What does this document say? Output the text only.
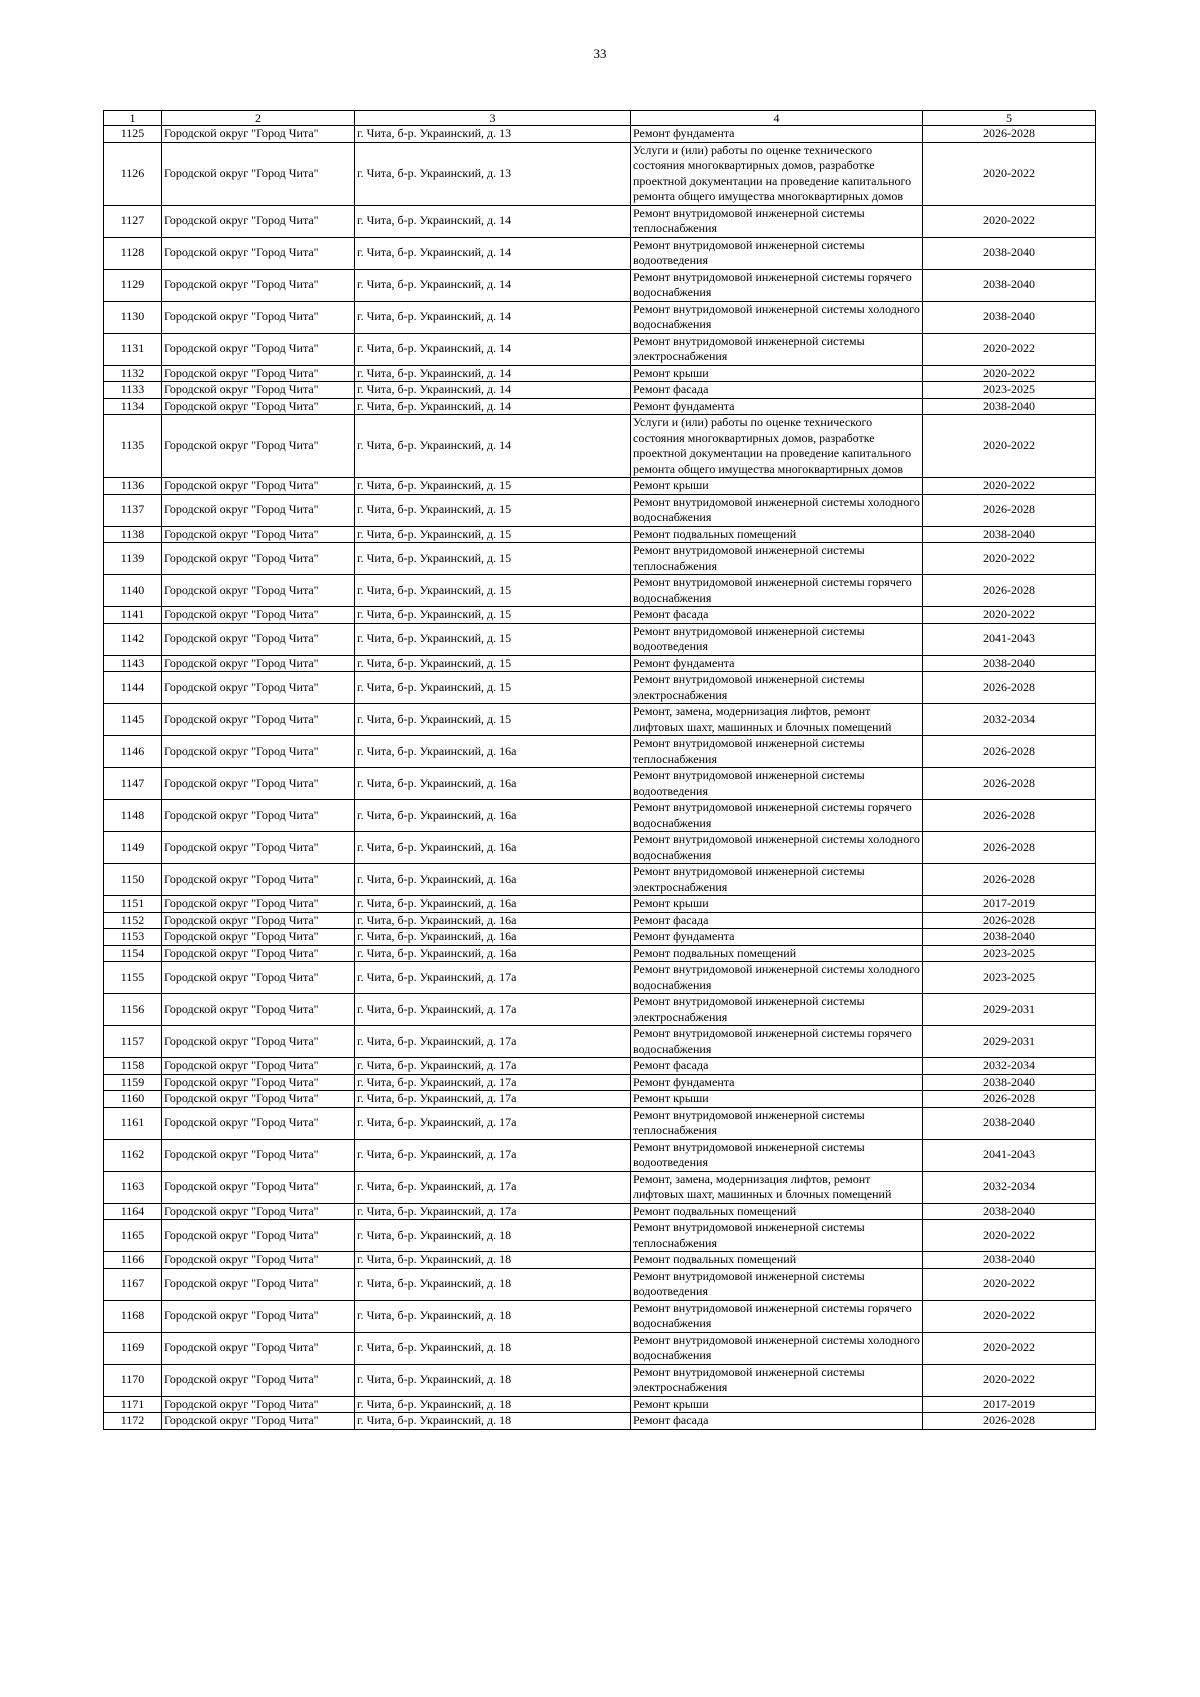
33
1	2	3	4	5
1125	Городской округ "Город Чита"	г. Чита, б-р. Украинский, д. 13	Ремонт фундамента	2026-2028
1126	Городской округ "Город Чита"	г. Чита, б-р. Украинский, д. 13	Услуги и (или) работы по оценке технического состояния многоквартирных домов, разработке проектной документации на проведение капитального ремонта общего имущества многоквартирных домов	2020-2022
1127	Городской округ "Город Чита"	г. Чита, б-р. Украинский, д. 14	Ремонт внутридомовой инженерной системы теплоснабжения	2020-2022
1128	Городской округ "Город Чита"	г. Чита, б-р. Украинский, д. 14	Ремонт внутридомовой инженерной системы водоотведения	2038-2040
1129	Городской округ "Город Чита"	г. Чита, б-р. Украинский, д. 14	Ремонт внутридомовой инженерной системы горячего водоснабжения	2038-2040
1130	Городской округ "Город Чита"	г. Чита, б-р. Украинский, д. 14	Ремонт внутридомовой инженерной системы холодного водоснабжения	2038-2040
1131	Городской округ "Город Чита"	г. Чита, б-р. Украинский, д. 14	Ремонт внутридомовой инженерной системы электроснабжения	2020-2022
1132	Городской округ "Город Чита"	г. Чита, б-р. Украинский, д. 14	Ремонт крыши	2020-2022
1133	Городской округ "Город Чита"	г. Чита, б-р. Украинский, д. 14	Ремонт фасада	2023-2025
1134	Городской округ "Город Чита"	г. Чита, б-р. Украинский, д. 14	Ремонт фундамента	2038-2040
1135	Городской округ "Город Чита"	г. Чита, б-р. Украинский, д. 14	Услуги и (или) работы по оценке технического состояния многоквартирных домов, разработке проектной документации на проведение капитального ремонта общего имущества многоквартирных домов	2020-2022
1136	Городской округ "Город Чита"	г. Чита, б-р. Украинский, д. 15	Ремонт крыши	2020-2022
1137	Городской округ "Город Чита"	г. Чита, б-р. Украинский, д. 15	Ремонт внутридомовой инженерной системы холодного водоснабжения	2026-2028
1138	Городской округ "Город Чита"	г. Чита, б-р. Украинский, д. 15	Ремонт подвальных помещений	2038-2040
1139	Городской округ "Город Чита"	г. Чита, б-р. Украинский, д. 15	Ремонт внутридомовой инженерной системы теплоснабжения	2020-2022
1140	Городской округ "Город Чита"	г. Чита, б-р. Украинский, д. 15	Ремонт внутридомовой инженерной системы горячего водоснабжения	2026-2028
1141	Городской округ "Город Чита"	г. Чита, б-р. Украинский, д. 15	Ремонт фасада	2020-2022
1142	Городской округ "Город Чита"	г. Чита, б-р. Украинский, д. 15	Ремонт внутридомовой инженерной системы водоотведения	2041-2043
1143	Городской округ "Город Чита"	г. Чита, б-р. Украинский, д. 15	Ремонт фундамента	2038-2040
1144	Городской округ "Город Чита"	г. Чита, б-р. Украинский, д. 15	Ремонт внутридомовой инженерной системы электроснабжения	2026-2028
1145	Городской округ "Город Чита"	г. Чита, б-р. Украинский, д. 15	Ремонт, замена, модернизация лифтов, ремонт лифтовых шахт, машинных и блочных помещений	2032-2034
1146	Городской округ "Город Чита"	г. Чита, б-р. Украинский, д. 16а	Ремонт внутридомовой инженерной системы теплоснабжения	2026-2028
1147	Городской округ "Город Чита"	г. Чита, б-р. Украинский, д. 16а	Ремонт внутридомовой инженерной системы водоотведения	2026-2028
1148	Городской округ "Город Чита"	г. Чита, б-р. Украинский, д. 16а	Ремонт внутридомовой инженерной системы горячего водоснабжения	2026-2028
1149	Городской округ "Город Чита"	г. Чита, б-р. Украинский, д. 16а	Ремонт внутридомовой инженерной системы холодного водоснабжения	2026-2028
1150	Городской округ "Город Чита"	г. Чита, б-р. Украинский, д. 16а	Ремонт внутридомовой инженерной системы электроснабжения	2026-2028
1151	Городской округ "Город Чита"	г. Чита, б-р. Украинский, д. 16а	Ремонт крыши	2017-2019
1152	Городской округ "Город Чита"	г. Чита, б-р. Украинский, д. 16а	Ремонт фасада	2026-2028
1153	Городской округ "Город Чита"	г. Чита, б-р. Украинский, д. 16а	Ремонт фундамента	2038-2040
1154	Городской округ "Город Чита"	г. Чита, б-р. Украинский, д. 16а	Ремонт подвальных помещений	2023-2025
1155	Городской округ "Город Чита"	г. Чита, б-р. Украинский, д. 17а	Ремонт внутридомовой инженерной системы холодного водоснабжения	2023-2025
1156	Городской округ "Город Чита"	г. Чита, б-р. Украинский, д. 17а	Ремонт внутридомовой инженерной системы электроснабжения	2029-2031
1157	Городской округ "Город Чита"	г. Чита, б-р. Украинский, д. 17а	Ремонт внутридомовой инженерной системы горячего водоснабжения	2029-2031
1158	Городской округ "Город Чита"	г. Чита, б-р. Украинский, д. 17а	Ремонт фасада	2032-2034
1159	Городской округ "Город Чита"	г. Чита, б-р. Украинский, д. 17а	Ремонт фундамента	2038-2040
1160	Городской округ "Город Чита"	г. Чита, б-р. Украинский, д. 17а	Ремонт крыши	2026-2028
1161	Городской округ "Город Чита"	г. Чита, б-р. Украинский, д. 17а	Ремонт внутридомовой инженерной системы теплоснабжения	2038-2040
1162	Городской округ "Город Чита"	г. Чита, б-р. Украинский, д. 17а	Ремонт внутридомовой инженерной системы водоотведения	2041-2043
1163	Городской округ "Город Чита"	г. Чита, б-р. Украинский, д. 17а	Ремонт, замена, модернизация лифтов, ремонт лифтовых шахт, машинных и блочных помещений	2032-2034
1164	Городской округ "Город Чита"	г. Чита, б-р. Украинский, д. 17а	Ремонт подвальных помещений	2038-2040
1165	Городской округ "Город Чита"	г. Чита, б-р. Украинский, д. 18	Ремонт внутридомовой инженерной системы теплоснабжения	2020-2022
1166	Городской округ "Город Чита"	г. Чита, б-р. Украинский, д. 18	Ремонт подвальных помещений	2038-2040
1167	Городской округ "Город Чита"	г. Чита, б-р. Украинский, д. 18	Ремонт внутридомовой инженерной системы водоотведения	2020-2022
1168	Городской округ "Город Чита"	г. Чита, б-р. Украинский, д. 18	Ремонт внутридомовой инженерной системы горячего водоснабжения	2020-2022
1169	Городской округ "Город Чита"	г. Чита, б-р. Украинский, д. 18	Ремонт внутридомовой инженерной системы холодного водоснабжения	2020-2022
1170	Городской округ "Город Чита"	г. Чита, б-р. Украинский, д. 18	Ремонт внутридомовой инженерной системы электроснабжения	2020-2022
1171	Городской округ "Город Чита"	г. Чита, б-р. Украинский, д. 18	Ремонт крыши	2017-2019
1172	Городской округ "Город Чита"	г. Чита, б-р. Украинский, д. 18	Ремонт фасада	2026-2028
